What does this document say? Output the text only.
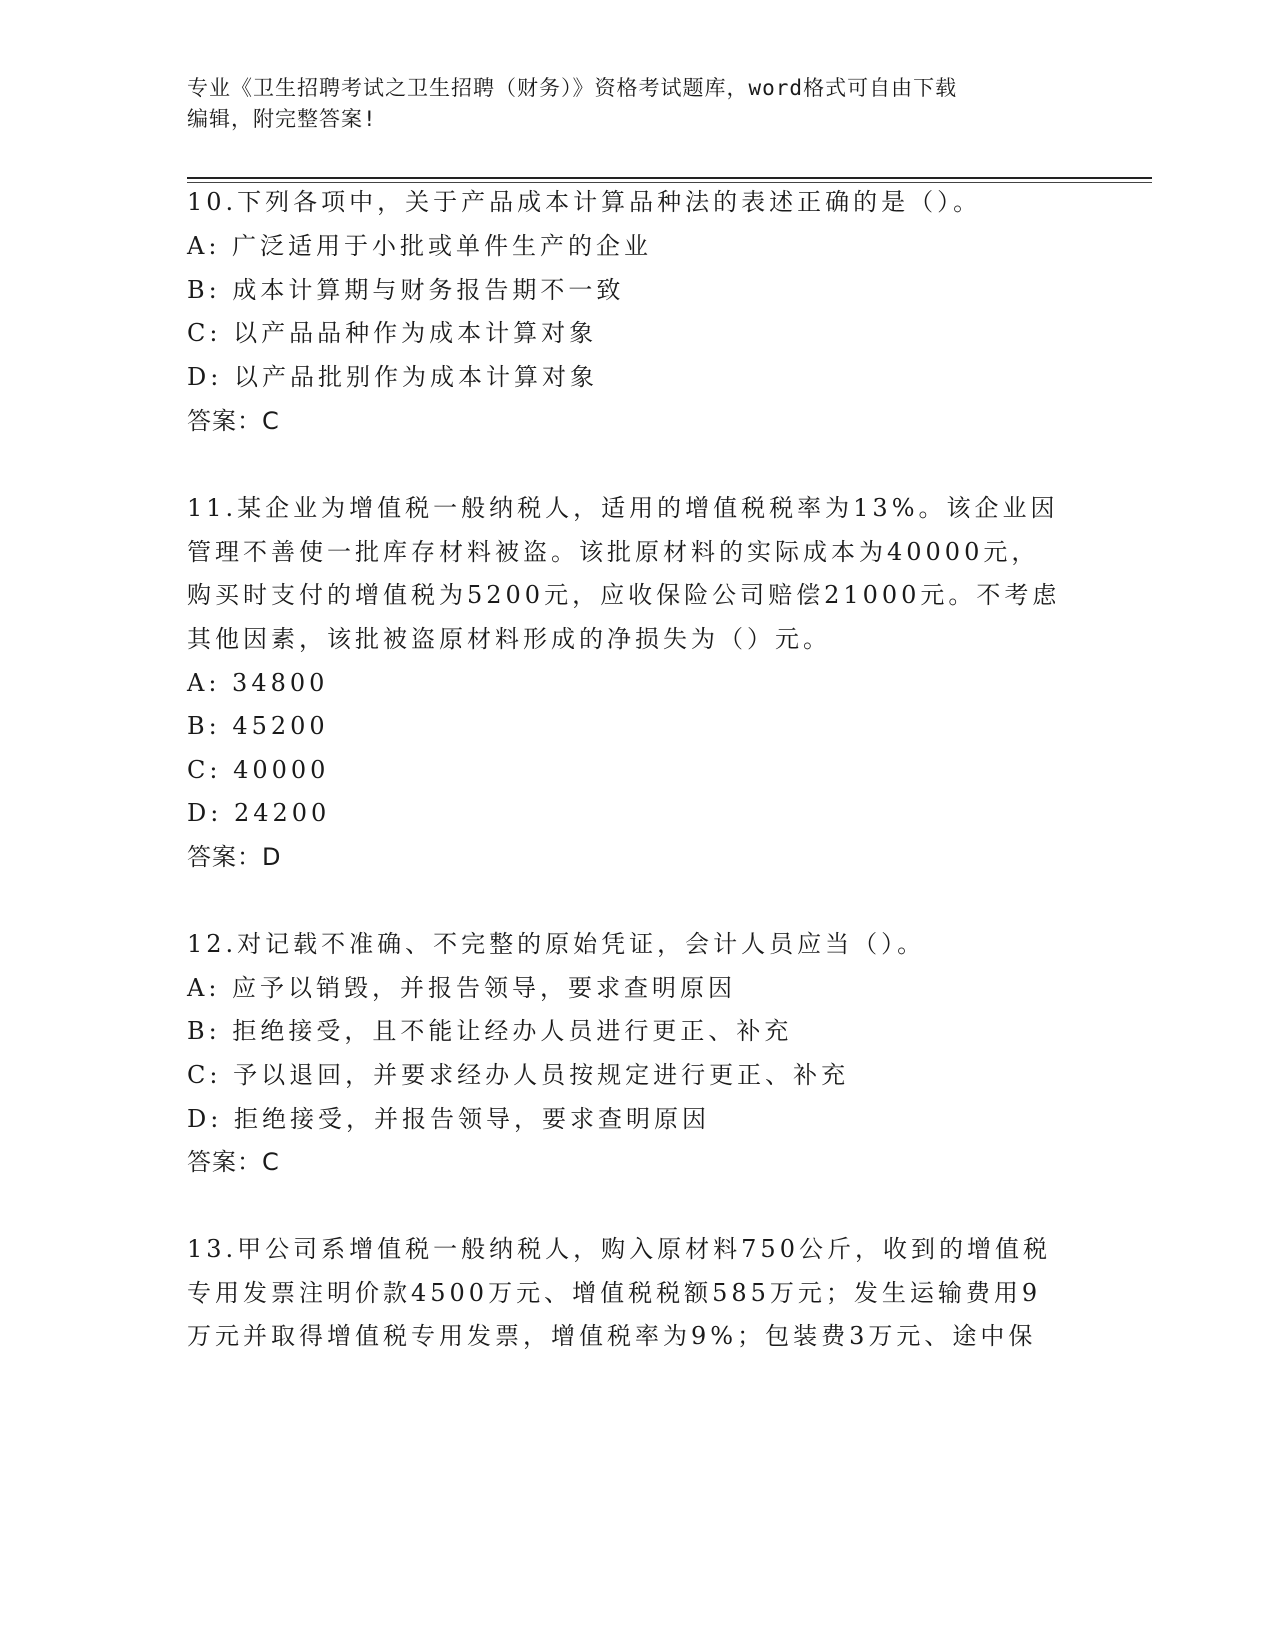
专业《卫生招聘考试之卫生招聘（财务）》资格考试题库，word格式可自由下载
编辑，附完整答案!
10.下列各项中，关于产品成本计算品种法的表述正确的是（）。
A: 广泛适用于小批或单件生产的企业
B: 成本计算期与财务报告期不一致
C: 以产品品种作为成本计算对象
D: 以产品批别作为成本计算对象
答案：C
11.某企业为增值税一般纳税人，适用的增值税税率为13%。该企业因
管理不善使一批库存材料被盗。该批原材料的实际成本为40000元，
购买时支付的增值税为5200元，应收保险公司赔偿21000元。不考虑
其他因素，该批被盗原材料形成的净损失为（）元。
A: 34800
B: 45200
C: 40000
D: 24200
答案：D
12.对记载不准确、不完整的原始凭证，会计人员应当（）。
A: 应予以销毁，并报告领导，要求查明原因
B: 拒绝接受，且不能让经办人员进行更正、补充
C: 予以退回，并要求经办人员按规定进行更正、补充
D: 拒绝接受，并报告领导，要求查明原因
答案：C
13.甲公司系增值税一般纳税人，购入原材料750公斤，收到的增值税
专用发票注明价款4500万元、增值税税额585万元；发生运输费用9
万元并取得增值税专用发票，增值税率为9%；包装费3万元、途中保
